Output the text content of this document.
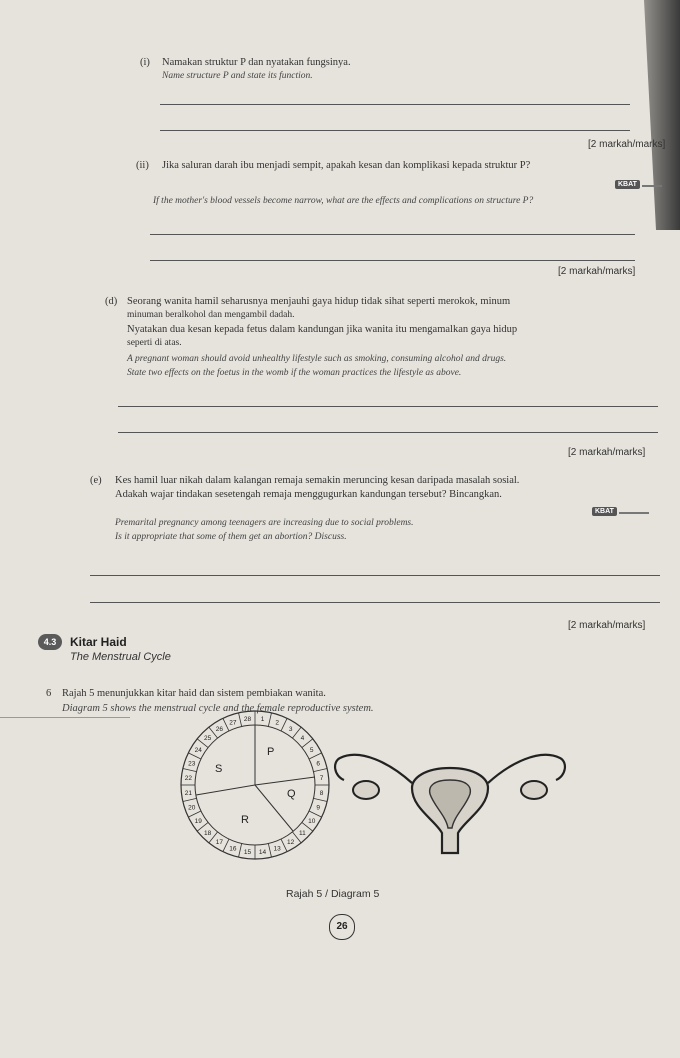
(i) Namakan struktur P dan nyatakan fungsinya.
Name structure P and state its function.
[2 markah/marks]
(ii) Jika saluran darah ibu menjadi sempit, apakah kesan dan komplikasi kepada struktur P?
KBAT
If the mother's blood vessels become narrow, what are the effects and complications on structure P?
[2 markah/marks]
(d) Seorang wanita hamil seharusnya menjauhi gaya hidup tidak sihat seperti merokok, minum
minuman beralkohol dan mengambil dadah.
Nyatakan dua kesan kepada fetus dalam kandungan jika wanita itu mengamalkan gaya hidup
seperti di atas.
A pregnant woman should avoid unhealthy lifestyle such as smoking, consuming alcohol and drugs.
State two effects on the foetus in the womb if the woman practices the lifestyle as above.
[2 markah/marks]
(e) Kes hamil luar nikah dalam kalangan remaja semakin meruncing kesan daripada masalah sosial.
Adakah wajar tindakan sesetengah remaja menggugurkan kandungan tersebut? Bincangkan.
KBAT
Premarital pregnancy among teenagers are increasing due to social problems.
Is it appropriate that some of them get an abortion? Discuss.
[2 markah/marks]
4.3	Kitar Haid
The Menstrual Cycle
6 Rajah 5 menunjukkan kitar haid dan sistem pembiakan wanita.
Diagram 5 shows the menstrual cycle and the female reproductive system.
1 2
3
4
5
6
7
8
9
10
11
12
13
14
15
16
17
18
19
20
21
22
23
24
25
26
27 28
P
Q
R
S
Rajah 5 / Diagram 5
26
